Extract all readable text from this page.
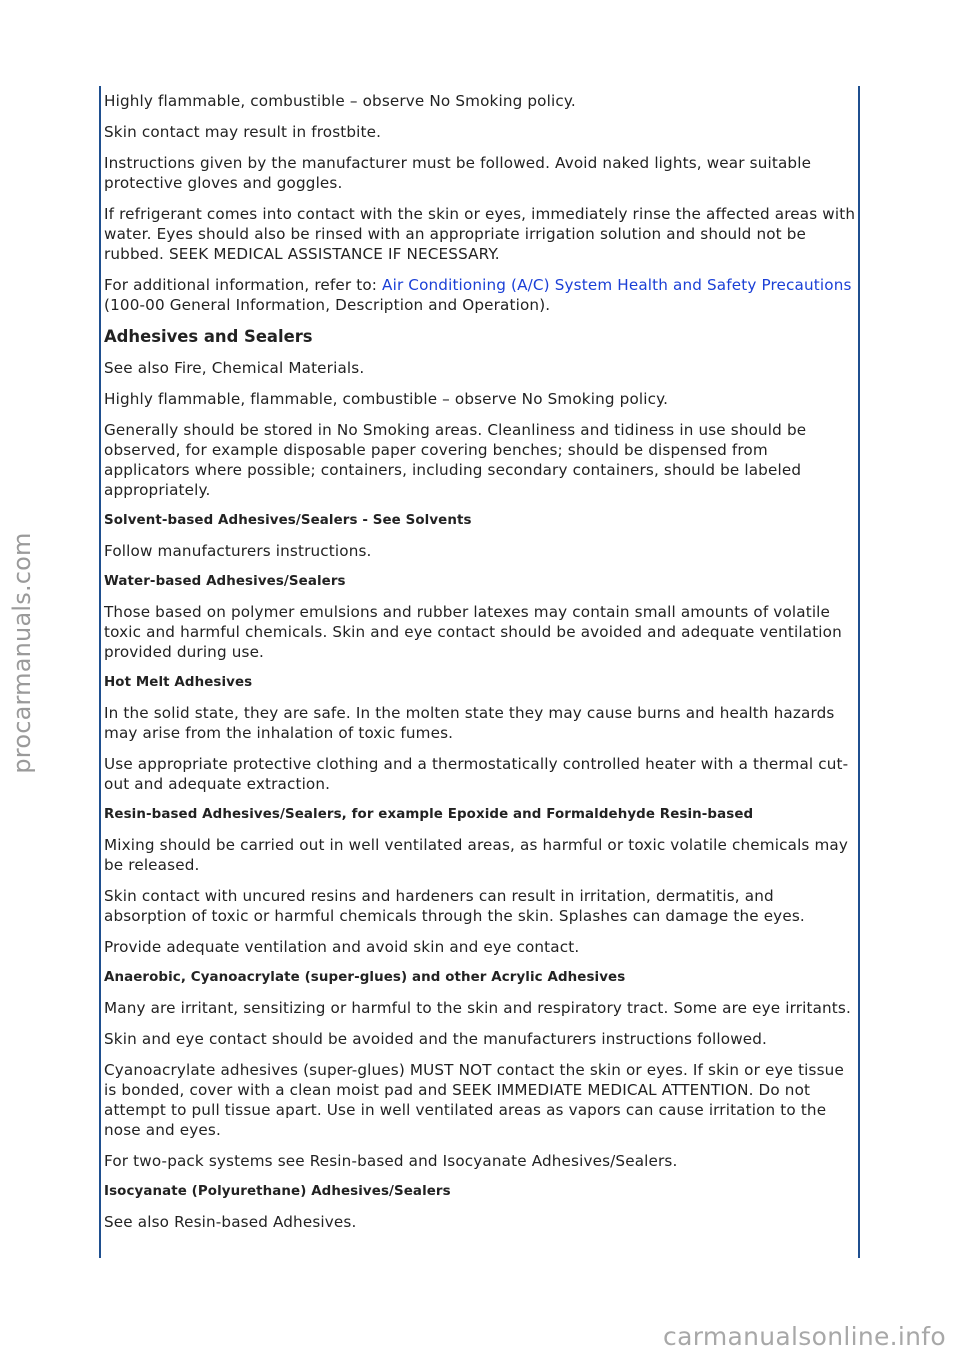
procarmanuals.com

Highly flammable, combustible – observe No Smoking policy.

Skin contact may result in frostbite.

Instructions given by the manufacturer must be followed. Avoid naked lights, wear suitable protective gloves and goggles.

If refrigerant comes into contact with the skin or eyes, immediately rinse the affected areas with water. Eyes should also be rinsed with an appropriate irrigation solution and should not be rubbed. SEEK MEDICAL ASSISTANCE IF NECESSARY.

For additional information, refer to: Air Conditioning (A/C) System Health and Safety Precautions (100-00 General Information, Description and Operation).

Adhesives and Sealers

See also Fire, Chemical Materials.

Highly flammable, flammable, combustible – observe No Smoking policy.

Generally should be stored in No Smoking areas. Cleanliness and tidiness in use should be observed, for example disposable paper covering benches; should be dispensed from applicators where possible; containers, including secondary containers, should be labeled appropriately.

Solvent-based Adhesives/Sealers - See Solvents

Follow manufacturers instructions.

Water-based Adhesives/Sealers

Those based on polymer emulsions and rubber latexes may contain small amounts of volatile toxic and harmful chemicals. Skin and eye contact should be avoided and adequate ventilation provided during use.

Hot Melt Adhesives

In the solid state, they are safe. In the molten state they may cause burns and health hazards may arise from the inhalation of toxic fumes.

Use appropriate protective clothing and a thermostatically controlled heater with a thermal cut-out and adequate extraction.

Resin-based Adhesives/Sealers, for example Epoxide and Formaldehyde Resin-based

Mixing should be carried out in well ventilated areas, as harmful or toxic volatile chemicals may be released.

Skin contact with uncured resins and hardeners can result in irritation, dermatitis, and absorption of toxic or harmful chemicals through the skin. Splashes can damage the eyes.

Provide adequate ventilation and avoid skin and eye contact.

Anaerobic, Cyanoacrylate (super-glues) and other Acrylic Adhesives

Many are irritant, sensitizing or harmful to the skin and respiratory tract. Some are eye irritants.

Skin and eye contact should be avoided and the manufacturers instructions followed.

Cyanoacrylate adhesives (super-glues) MUST NOT contact the skin or eyes. If skin or eye tissue is bonded, cover with a clean moist pad and SEEK IMMEDIATE MEDICAL ATTENTION. Do not attempt to pull tissue apart. Use in well ventilated areas as vapors can cause irritation to the nose and eyes.

For two-pack systems see Resin-based and Isocyanate Adhesives/Sealers.

Isocyanate (Polyurethane) Adhesives/Sealers

See also Resin-based Adhesives.

carmanualsonline.info
